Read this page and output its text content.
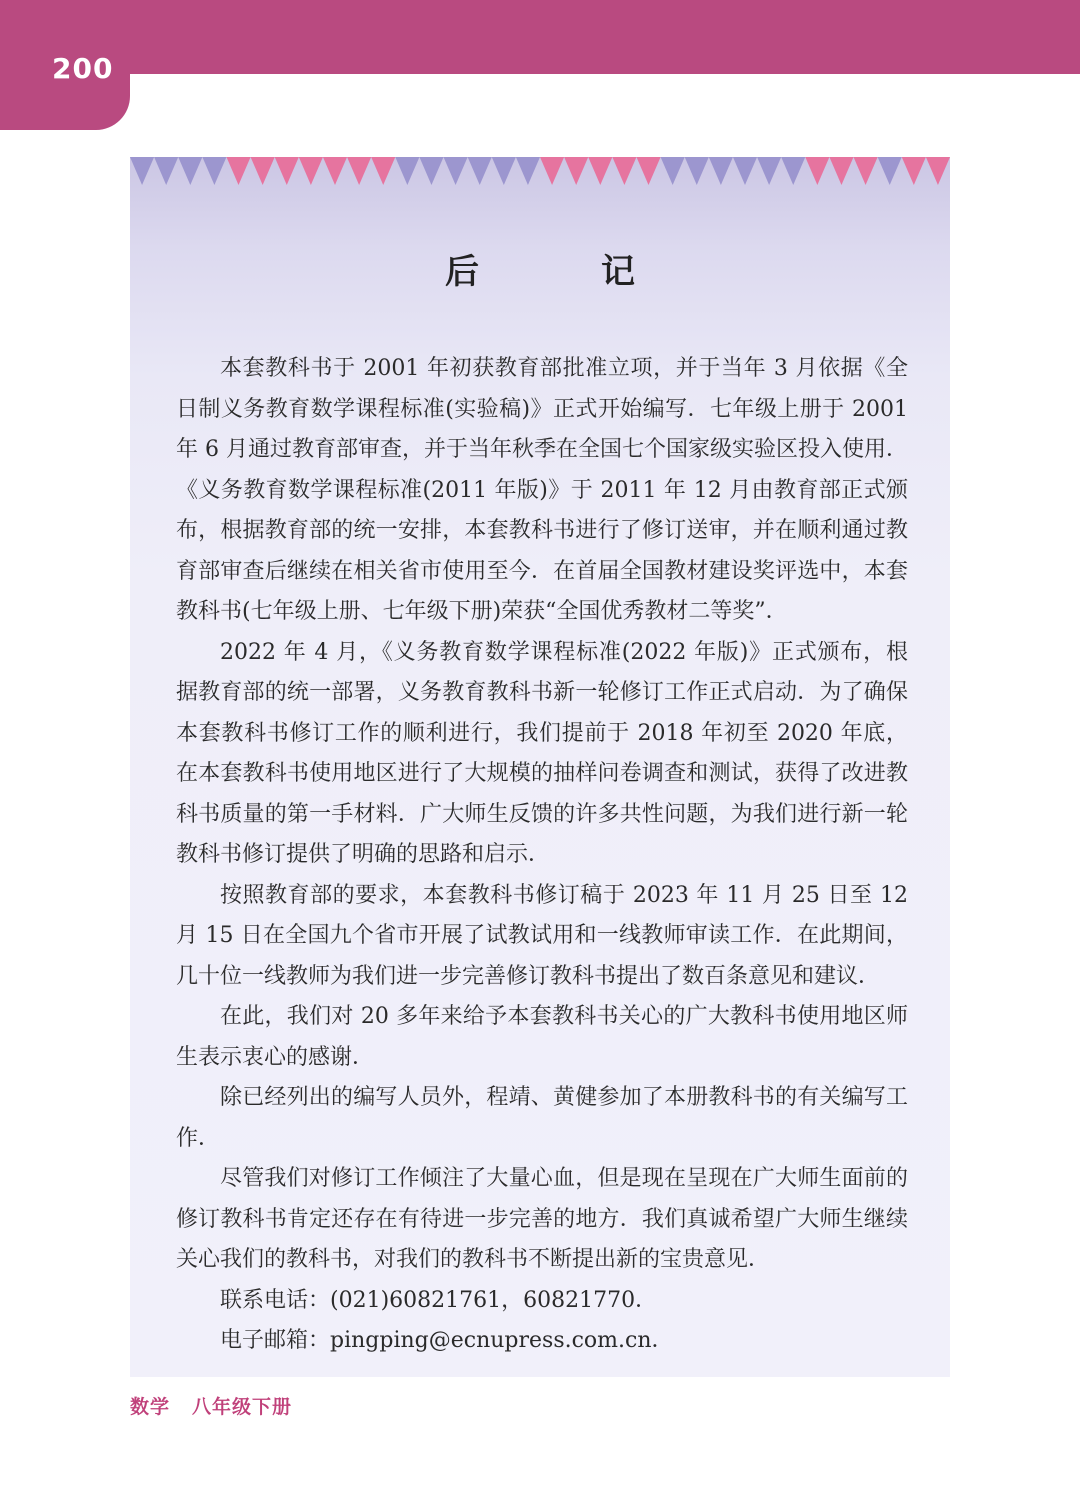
200
后　记

本套教科书于 2001 年初获教育部批准立项，并于当年 3 月依据《全日制义务教育数学课程标准(实验稿)》正式开始编写．七年级上册于 2001 年 6 月通过教育部审查，并于当年秋季在全国七个国家级实验区投入使用．《义务教育数学课程标准(2011 年版)》于 2011 年 12 月由教育部正式颁布，根据教育部的统一安排，本套教科书进行了修订送审，并在顺利通过教育部审查后继续在相关省市使用至今．在首届全国教材建设奖评选中，本套教科书(七年级上册、七年级下册)荣获“全国优秀教材二等奖”．

2022 年 4 月，《义务教育数学课程标准(2022 年版)》正式颁布，根据教育部的统一部署，义务教育教科书新一轮修订工作正式启动．为了确保本套教科书修订工作的顺利进行，我们提前于 2018 年初至 2020 年底，在本套教科书使用地区进行了大规模的抽样问卷调查和测试，获得了改进教科书质量的第一手材料．广大师生反馈的许多共性问题，为我们进行新一轮教科书修订提供了明确的思路和启示．

按照教育部的要求，本套教科书修订稿于 2023 年 11 月 25 日至 12 月 15 日在全国九个省市开展了试教试用和一线教师审读工作．在此期间，几十位一线教师为我们进一步完善修订教科书提出了数百条意见和建议．

在此，我们对 20 多年来给予本套教科书关心的广大教科书使用地区师生表示衷心的感谢．

除已经列出的编写人员外，程靖、黄健参加了本册教科书的有关编写工作．

尽管我们对修订工作倾注了大量心血，但是现在呈现在广大师生面前的修订教科书肯定还存在有待进一步完善的地方．我们真诚希望广大师生继续关心我们的教科书，对我们的教科书不断提出新的宝贵意见．

联系电话：(021)60821761，60821770．

电子邮箱：pingping@ecnupress.com.cn．

数学 八年级下册
